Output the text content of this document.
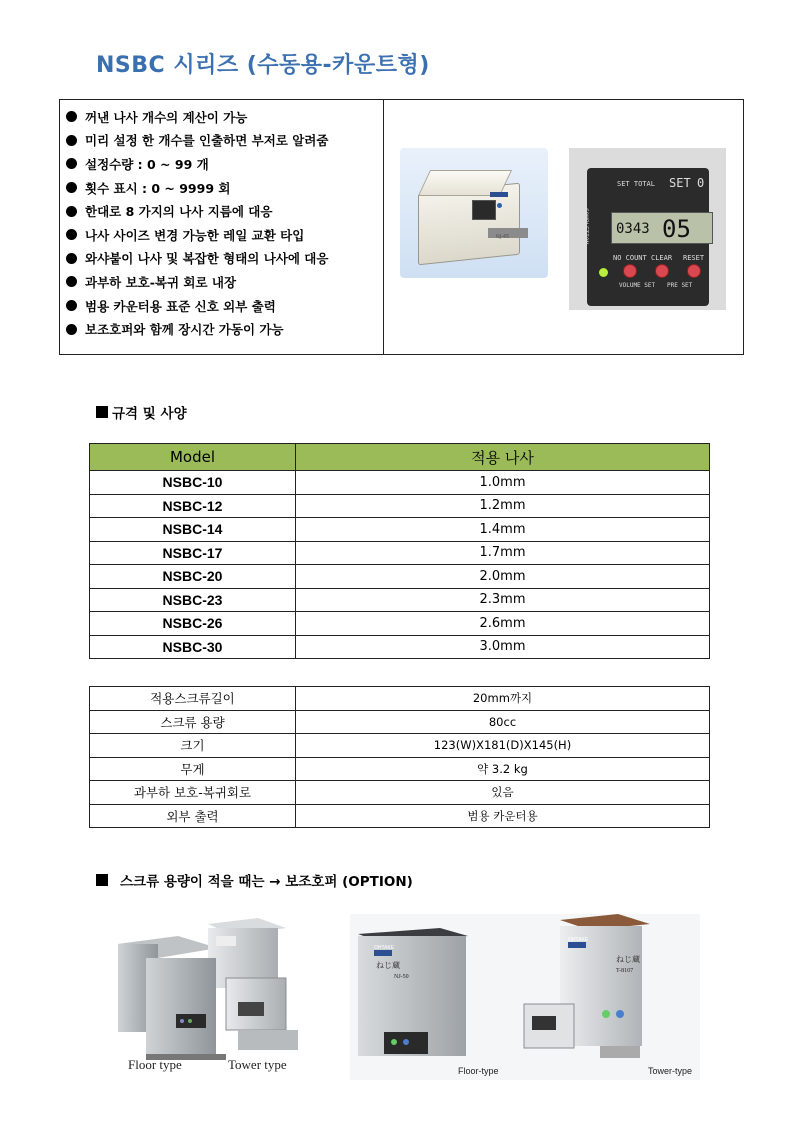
NSBC 시리즈 (수동용-카운트형)
꺼낸 나사 개수의 계산이 가능
미리 설정 한 개수를 인출하면 부저로 알려줌
설정수량 : 0 ~ 99 개
횟수 표시 : 0 ~ 9999 회
한대로 8 가지의 나사 지름에 대응
나사 사이즈 변경 가능한 레일 교환 타입
와샤붙이 나사 및 복잡한 형태의 나사에 대응
과부하 보호-복귀 회로 내장
범용 카운터용 표준 신호 외부 출력
보조호퍼와 함께 장시간 가동이 가능
NJ-45
SET TOTAL SET 0
COMPLETION 0343 05
NO COUNT CLEAR RESET
VOLUME SET PRE SET
규격 및 사양
Model	적용 나사
NSBC-10	1.0mm
NSBC-12	1.2mm
NSBC-14	1.4mm
NSBC-17	1.7mm
NSBC-20	2.0mm
NSBC-23	2.3mm
NSBC-26	2.6mm
NSBC-30	3.0mm
적용스크류길이	20mm까지
스크류 용량	80cc
크기	123(W)X181(D)X145(H)
무게	약 3.2 kg
과부하 보호-복귀회로	있음
외부 출력	범용 카운터용
스크류 용량이 적을 때는 → 보조호퍼 (OPTION)
Floor type	Tower type
ねじ蔵
NJ-50
ねじ蔵
T-8107
OHTAKE
OHTAKE
Floor-type	Tower-type
